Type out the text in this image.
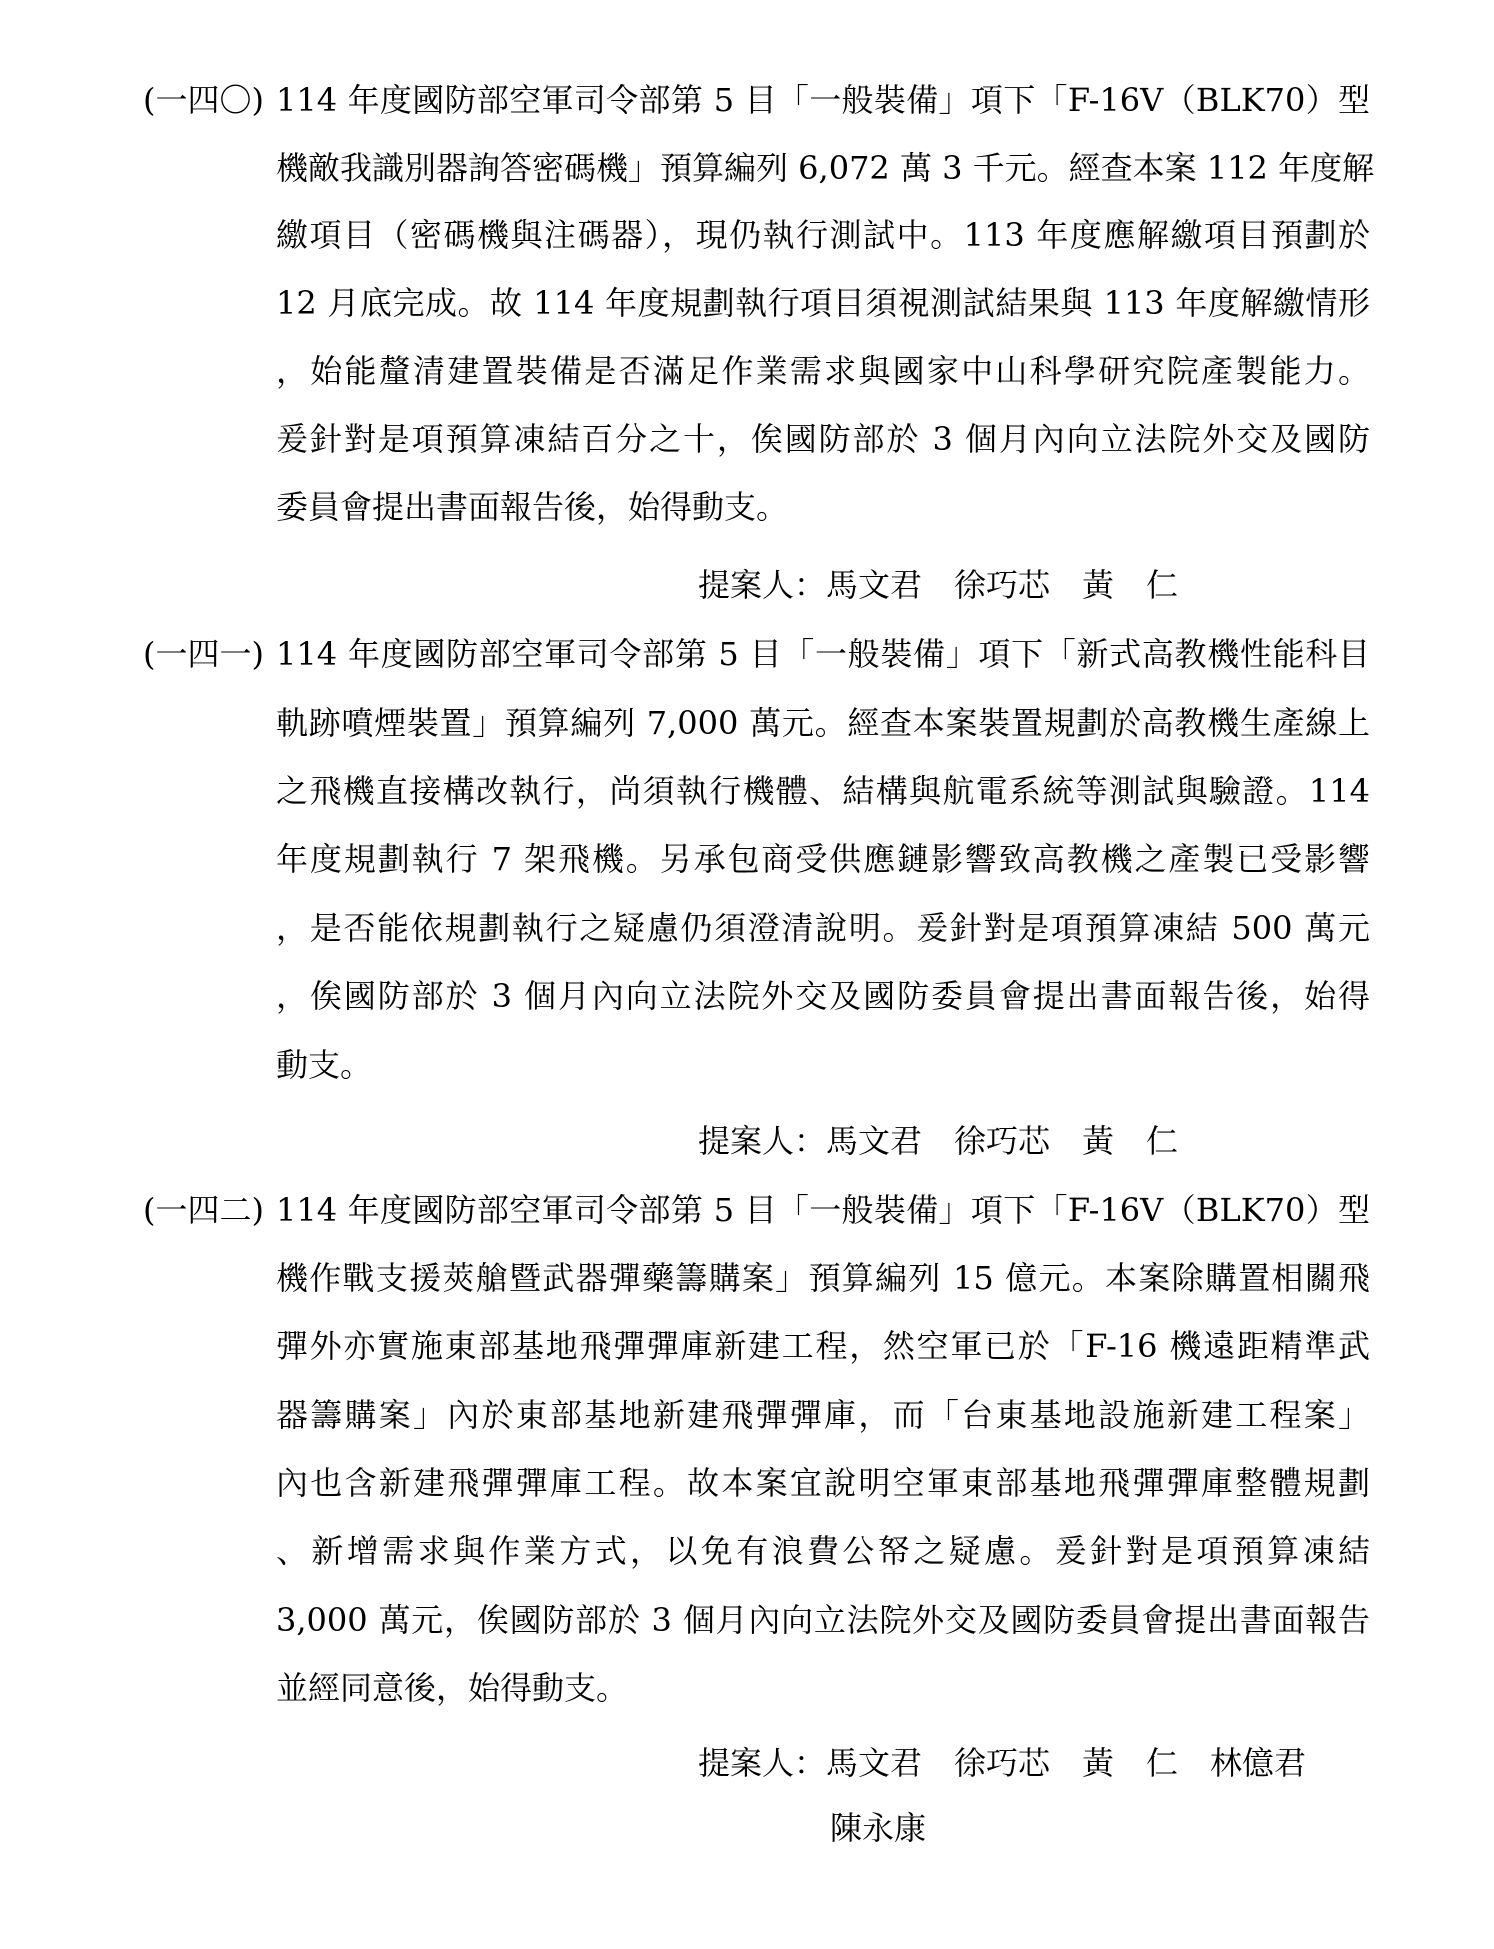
(一四〇) 114 年度國防部空軍司令部第 5 目「一般裝備」項下「F-16V（BLK70）型
機敵我識別器詢答密碼機」預算編列 6,072 萬 3 千元。經查本案 112 年度解
繳項目（密碼機與注碼器），現仍執行測試中。113 年度應解繳項目預劃於
12 月底完成。故 114 年度規劃執行項目須視測試結果與 113 年度解繳情形
，始能釐清建置裝備是否滿足作業需求與國家中山科學研究院產製能力。
爰針對是項預算凍結百分之十，俟國防部於 3 個月內向立法院外交及國防
委員會提出書面報告後，始得動支。
提案人：馬文君　徐巧芯　黃　仁
(一四一) 114 年度國防部空軍司令部第 5 目「一般裝備」項下「新式高教機性能科目
軌跡噴煙裝置」預算編列 7,000 萬元。經查本案裝置規劃於高教機生產線上
之飛機直接構改執行，尚須執行機體、結構與航電系統等測試與驗證。114
年度規劃執行 7 架飛機。另承包商受供應鏈影響致高教機之產製已受影響
，是否能依規劃執行之疑慮仍須澄清說明。爰針對是項預算凍結 500 萬元
，俟國防部於 3 個月內向立法院外交及國防委員會提出書面報告後，始得
動支。
提案人：馬文君　徐巧芯　黃　仁
(一四二) 114 年度國防部空軍司令部第 5 目「一般裝備」項下「F-16V（BLK70）型
機作戰支援莢艙暨武器彈藥籌購案」預算編列 15 億元。本案除購置相關飛
彈外亦實施東部基地飛彈彈庫新建工程，然空軍已於「F-16 機遠距精準武
器籌購案」內於東部基地新建飛彈彈庫，而「台東基地設施新建工程案」
內也含新建飛彈彈庫工程。故本案宜說明空軍東部基地飛彈彈庫整體規劃
、新增需求與作業方式，以免有浪費公帑之疑慮。爰針對是項預算凍結
3,000 萬元，俟國防部於 3 個月內向立法院外交及國防委員會提出書面報告
並經同意後，始得動支。
提案人：馬文君　徐巧芯　黃　仁　林億君
陳永康
